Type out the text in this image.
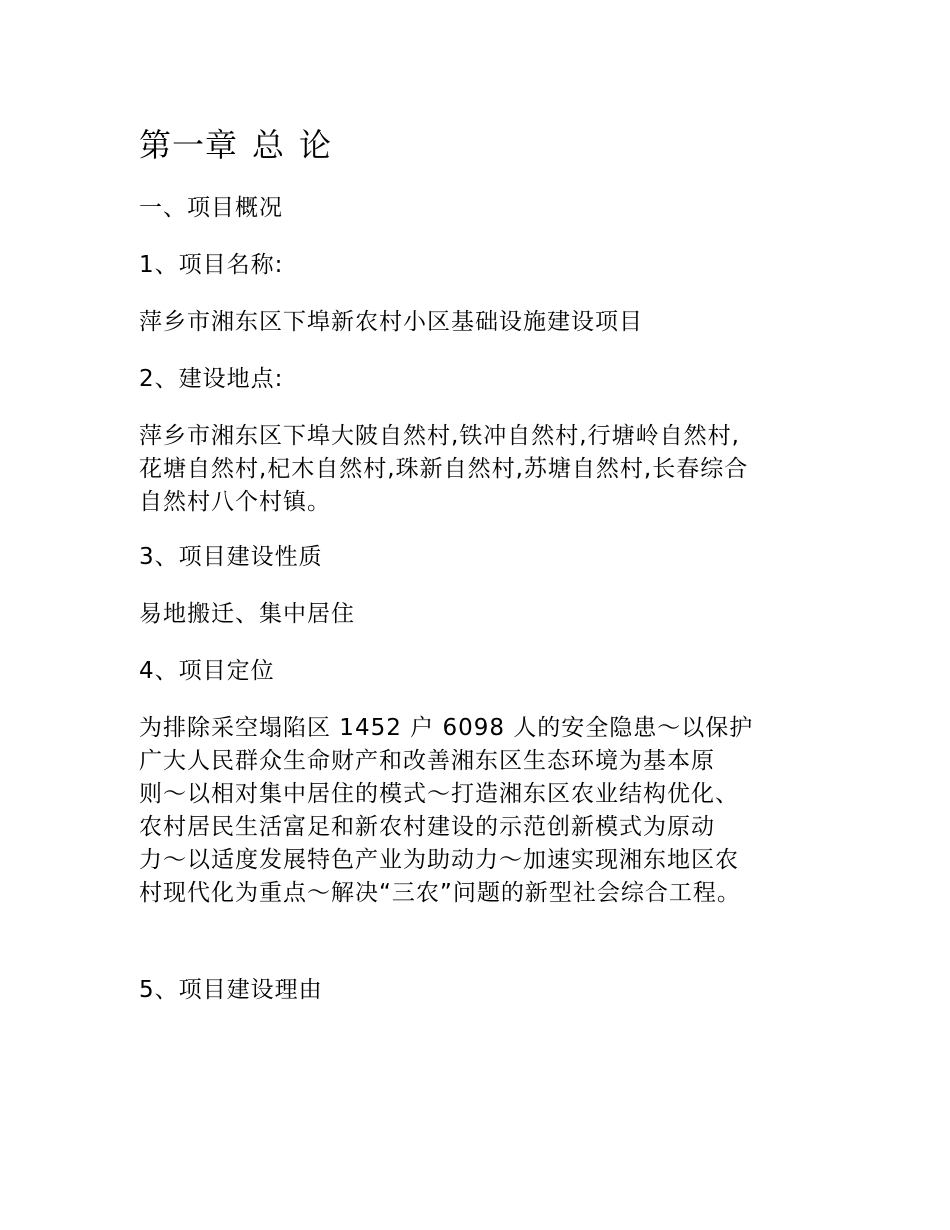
第一章 总 论

一、项目概况

1、项目名称:

萍乡市湘东区下埠新农村小区基础设施建设项目

2、建设地点:

萍乡市湘东区下埠大陂自然村,铁冲自然村,行塘岭自然村,
花塘自然村,杞木自然村,珠新自然村,苏塘自然村,长春综合
自然村八个村镇。

3、项目建设性质

易地搬迁、集中居住

4、项目定位

为排除采空塌陷区 1452 户 6098 人的安全隐患～以保护
广大人民群众生命财产和改善湘东区生态环境为基本原
则～以相对集中居住的模式～打造湘东区农业结构优化、
农村居民生活富足和新农村建设的示范创新模式为原动
力～以适度发展特色产业为助动力～加速实现湘东地区农
村现代化为重点～解决“三农”问题的新型社会综合工程。

5、项目建设理由
